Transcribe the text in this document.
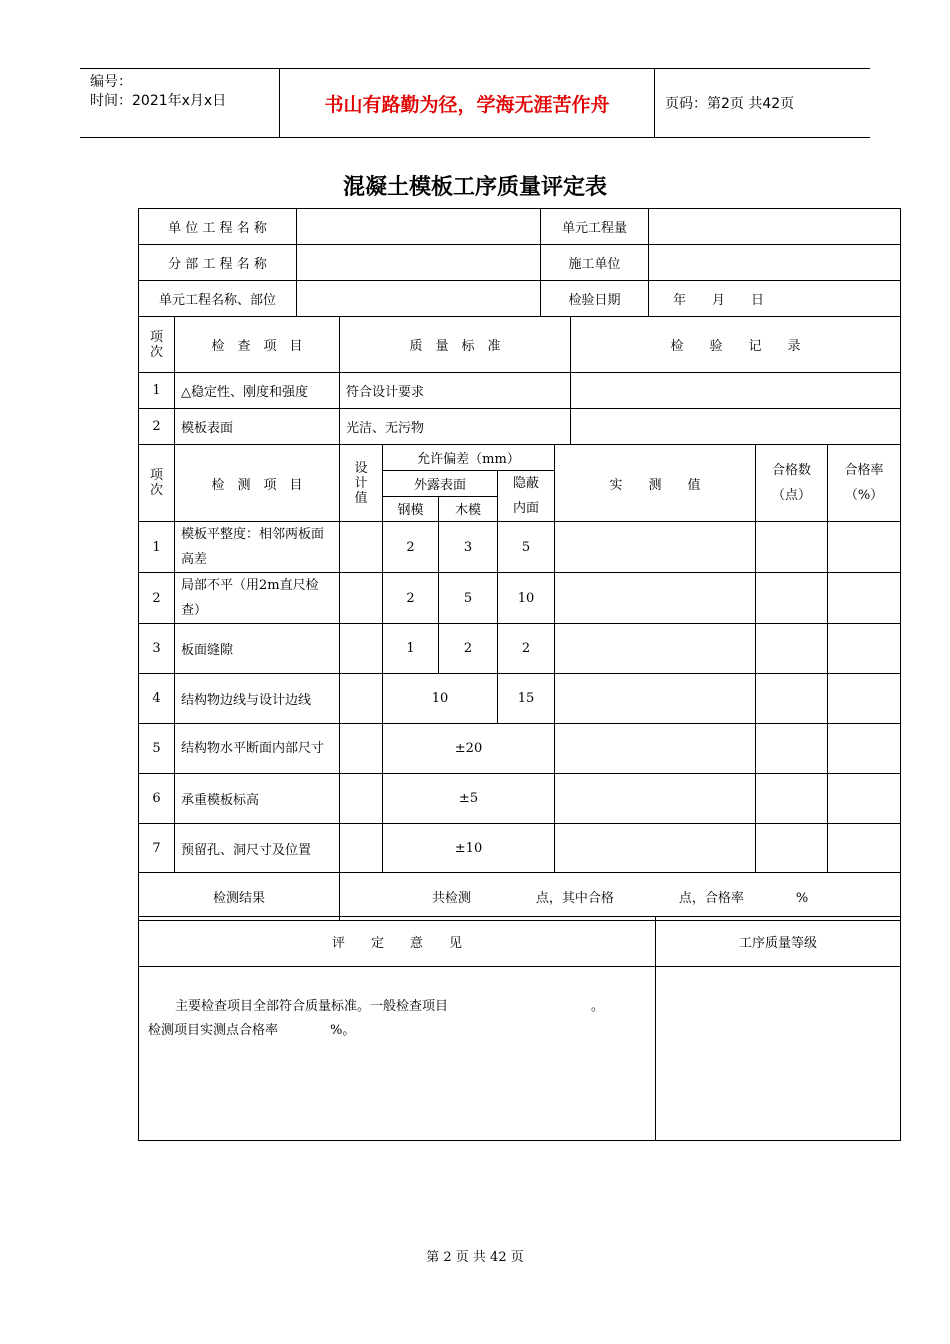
编号：
时间：2021年x月x日	书山有路勤为径，学海无涯苦作舟	页码：第2页 共42页
混凝土模板工序质量评定表
单 位 工 程 名 称		单元工程量	
分 部 工 程 名 称		施工单位	
单元工程名称、部位		检验日期	年　　月　　日
项次	检　查　项　目	质　量　标　准	检　　验　　记　　录
1	△稳定性、刚度和强度	符合设计要求	
2	模板表面	光洁、无污物	
项次	检　测　项　目	设计值	允许偏差（mm）			实　　测　　值	合格数（点）	合格率（%）
			外露表面		隐蔽内面			
			钢模	木模				
1	模板平整度：相邻两板面高差		2	3	5			
2	局部不平（用2m直尺检查）		2	5	10			
3	板面缝隙		1	2	2			
4	结构物边线与设计边线		10		15			
5	结构物水平断面内部尺寸		±20					
6	承重模板标高		±5					
7	预留孔、洞尺寸及位置		±10					
检测结果		共检测　　　　　点，其中合格　　　　　点，合格率　　　　%						
评　　定　　意　　见	工序质量等级

主要检查项目全部符合质量标准。一般检查项目　　　　　　　　　　　。
检测项目实测点合格率　　　　%。	

第 2 页 共 42 页
